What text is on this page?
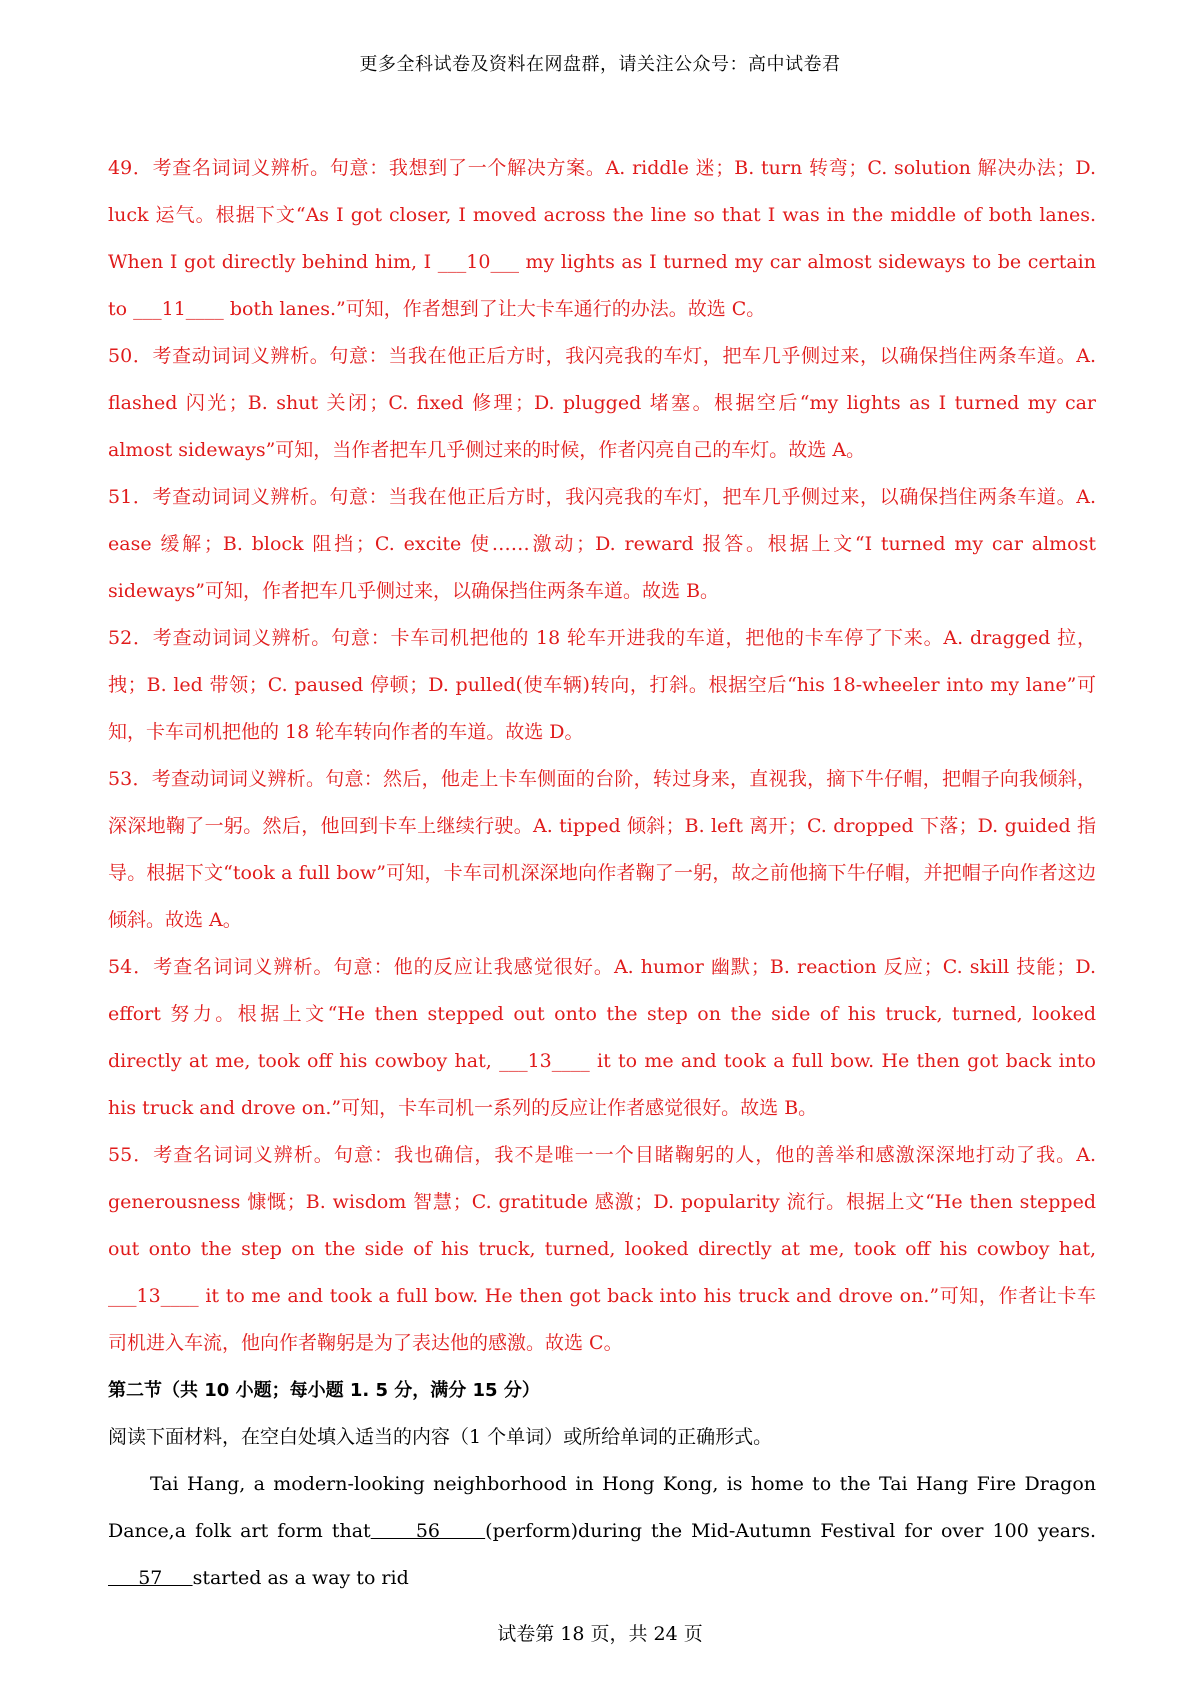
更多全科试卷及资料在网盘群，请关注公众号：高中试卷君

49．考查名词词义辨析。句意：我想到了一个解决方案。A. riddle 迷；B. turn 转弯；C. solution 解决办法；D. luck 运气。根据下文“As I got closer, I moved across the line so that I was in the middle of both lanes. When I got directly behind him, I ___10___ my lights as I turned my car almost sideways to be certain to ___11____ both lanes.”可知，作者想到了让大卡车通行的办法。故选 C。

50．考查动词词义辨析。句意：当我在他正后方时，我闪亮我的车灯，把车几乎侧过来，以确保挡住两条车道。A. flashed 闪光；B. shut 关闭；C. fixed 修理；D. plugged 堵塞。根据空后“my lights as I turned my car almost sideways”可知，当作者把车几乎侧过来的时候，作者闪亮自己的车灯。故选 A。

51．考查动词词义辨析。句意：当我在他正后方时，我闪亮我的车灯，把车几乎侧过来，以确保挡住两条车道。A. ease 缓解；B. block 阻挡；C. excite 使……激动；D. reward 报答。根据上文“I turned my car almost sideways”可知，作者把车几乎侧过来，以确保挡住两条车道。故选 B。

52．考查动词词义辨析。句意：卡车司机把他的 18 轮车开进我的车道，把他的卡车停了下来。A. dragged 拉，拽；B. led 带领；C. paused 停顿；D. pulled(使车辆)转向，打斜。根据空后“his 18-wheeler into my lane”可知，卡车司机把他的 18 轮车转向作者的车道。故选 D。

53．考查动词词义辨析。句意：然后，他走上卡车侧面的台阶，转过身来，直视我，摘下牛仔帽，把帽子向我倾斜，深深地鞠了一躬。然后，他回到卡车上继续行驶。A. tipped 倾斜；B. left 离开；C. dropped 下落；D. guided 指导。根据下文“took a full bow”可知，卡车司机深深地向作者鞠了一躬，故之前他摘下牛仔帽，并把帽子向作者这边倾斜。故选 A。

54．考查名词词义辨析。句意：他的反应让我感觉很好。A. humor 幽默；B. reaction 反应；C. skill 技能；D. effort 努力。根据上文“He then stepped out onto the step on the side of his truck, turned, looked directly at me, took off his cowboy hat, ___13____ it to me and took a full bow. He then got back into his truck and drove on.”可知，卡车司机一系列的反应让作者感觉很好。故选 B。

55．考查名词词义辨析。句意：我也确信，我不是唯一一个目睹鞠躬的人，他的善举和感激深深地打动了我。A. generousness 慷慨；B. wisdom 智慧；C. gratitude 感激；D. popularity 流行。根据上文“He then stepped out onto the step on the side of his truck, turned, looked directly at me, took off his cowboy hat, ___13____ it to me and took a full bow. He then got back into his truck and drove on.”可知，作者让卡车司机进入车流，他向作者鞠躬是为了表达他的感激。故选 C。

第二节（共 10 小题；每小题 1. 5 分，满分 15 分）

阅读下面材料，在空白处填入适当的内容（1 个单词）或所给单词的正确形式。

Tai Hang, a modern-looking neighborhood in Hong Kong, is home to the Tai Hang Fire Dragon Dance,a folk art form that     56     (perform)during the Mid-Autumn Festival for over 100 years.     57     started as a way to rid

试卷第 18 页，共 24 页
